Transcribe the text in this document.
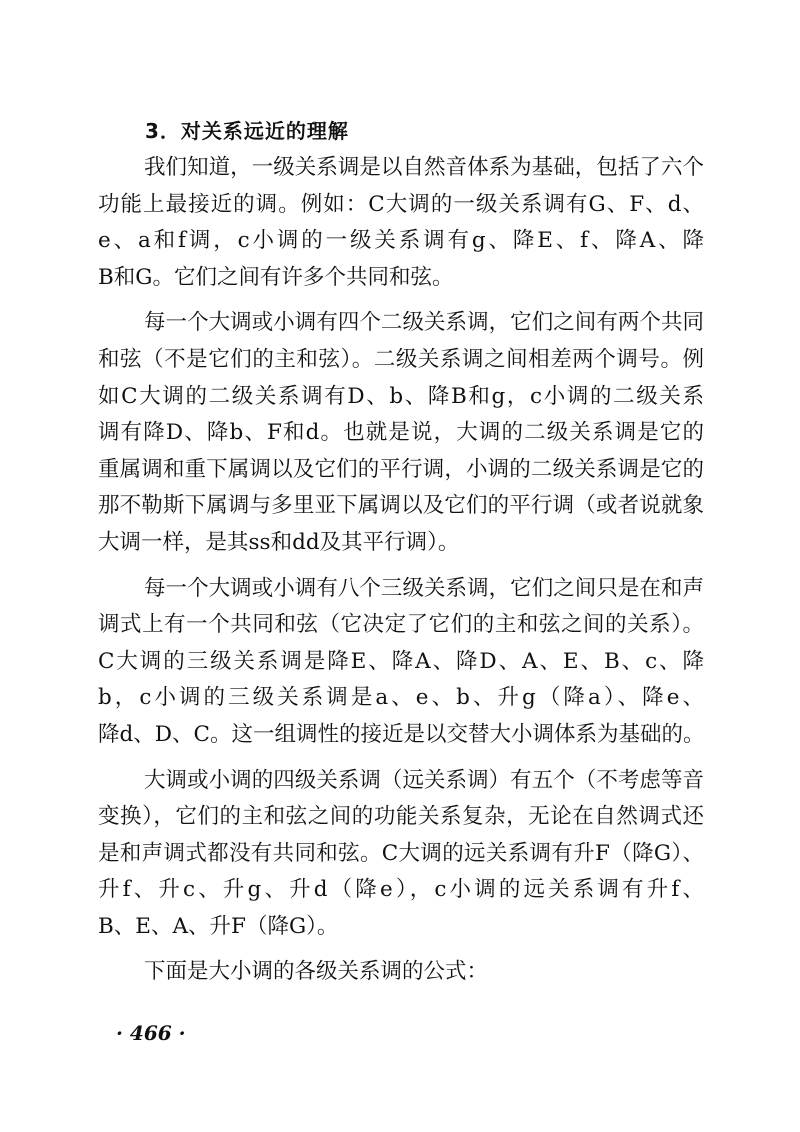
3．对关系远近的理解
我们知道，一级关系调是以自然音体系为基础，包括了六个
功能上最接近的调。例如：C大调的一级关系调有G、F、d、
e、a和f调，c小调的一级关系调有g、降E、f、降A、降
B和G。它们之间有许多个共同和弦。
每一个大调或小调有四个二级关系调，它们之间有两个共同
和弦（不是它们的主和弦）。二级关系调之间相差两个调号。例
如C大调的二级关系调有D、b、降B和g，c小调的二级关系
调有降D、降b、F和d。也就是说，大调的二级关系调是它的
重属调和重下属调以及它们的平行调，小调的二级关系调是它的
那不勒斯下属调与多里亚下属调以及它们的平行调（或者说就象
大调一样，是其ss和dd及其平行调）。
每一个大调或小调有八个三级关系调，它们之间只是在和声
调式上有一个共同和弦（它决定了它们的主和弦之间的关系）。
C大调的三级关系调是降E、降A、降D、A、E、B、c、降
b，c小调的三级关系调是a、e、b、升g（降a）、降e、
降d、D、C。这一组调性的接近是以交替大小调体系为基础的。
大调或小调的四级关系调（远关系调）有五个（不考虑等音
变换），它们的主和弦之间的功能关系复杂，无论在自然调式还
是和声调式都没有共同和弦。C大调的远关系调有升F（降G）、
升f、升c、升g、升d（降e），c小调的远关系调有升f、
B、E、A、升F（降G）。
下面是大小调的各级关系调的公式：
· 466 ·
